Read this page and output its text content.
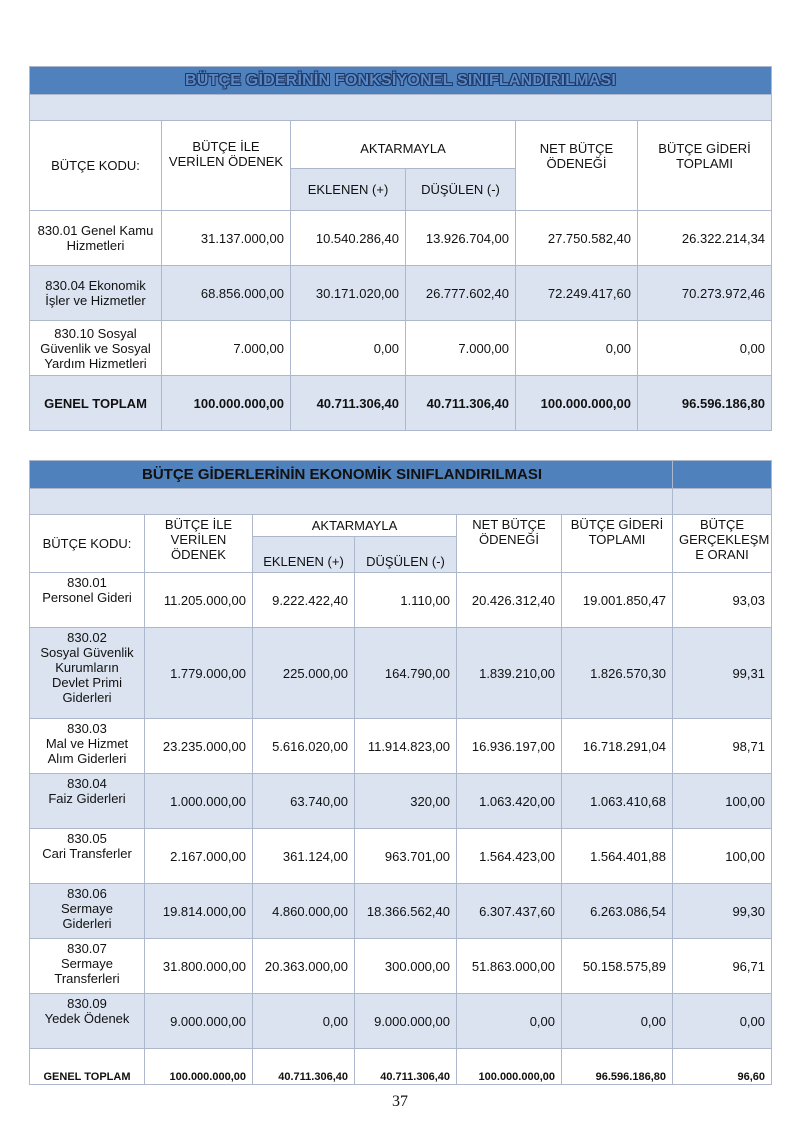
BÜTÇE GİDERİNİN FONKSİYONEL SINIFLANDIRILMASI					

BÜTÇE KODU:	BÜTÇE İLE VERİLEN ÖDENEK	AKTARMAYLA		NET BÜTÇE ÖDENEĞİ	BÜTÇE GİDERİ TOPLAMI
		EKLENEN (+)	DÜŞÜLEN (-)		
830.01 Genel Kamu Hizmetleri	31.137.000,00	10.540.286,40	13.926.704,00	27.750.582,40	26.322.214,34
830.04 Ekonomik İşler ve Hizmetler	68.856.000,00	30.171.020,00	26.777.602,40	72.249.417,60	70.273.972,46
830.10 Sosyal Güvenlik ve Sosyal Yardım Hizmetleri	7.000,00	0,00	7.000,00	0,00	0,00
GENEL TOPLAM	100.000.000,00	40.711.306,40	40.711.306,40	100.000.000,00	96.596.186,80
BÜTÇE GİDERLERİNİN EKONOMİK SINIFLANDIRILMASI						

BÜTÇE KODU:	BÜTÇE İLE VERİLEN ÖDENEK	AKTARMAYLA		NET BÜTÇE ÖDENEĞİ	BÜTÇE GİDERİ TOPLAMI	BÜTÇE GERÇEKLEŞM E ORANI
		EKLENEN (+)	DÜŞÜLEN (-)			

830.01
Personel Gideri	11.205.000,00	9.222.422,40	1.110,00	20.426.312,40	19.001.850,47	93,03

830.02
Sosyal Güvenlik Kurumların Devlet Primi Giderleri	1.779.000,00	225.000,00	164.790,00	1.839.210,00	1.826.570,30	99,31

830.03
Mal ve Hizmet Alım Giderleri	23.235.000,00	5.616.020,00	11.914.823,00	16.936.197,00	16.718.291,04	98,71

830.04
Faiz Giderleri	1.000.000,00	63.740,00	320,00	1.063.420,00	1.063.410,68	100,00

830.05
Cari Transferler	2.167.000,00	361.124,00	963.701,00	1.564.423,00	1.564.401,88	100,00

830.06
Sermaye Giderleri	19.814.000,00	4.860.000,00	18.366.562,40	6.307.437,60	6.263.086,54	99,30

830.07
Sermaye Transferleri	31.800.000,00	20.363.000,00	300.000,00	51.863.000,00	50.158.575,89	96,71

830.09
Yedek Ödenek	9.000.000,00	0,00	9.000.000,00	0,00	0,00	0,00
GENEL TOPLAM	100.000.000,00	40.711.306,40	40.711.306,40	100.000.000,00	96.596.186,80	96,60
37
